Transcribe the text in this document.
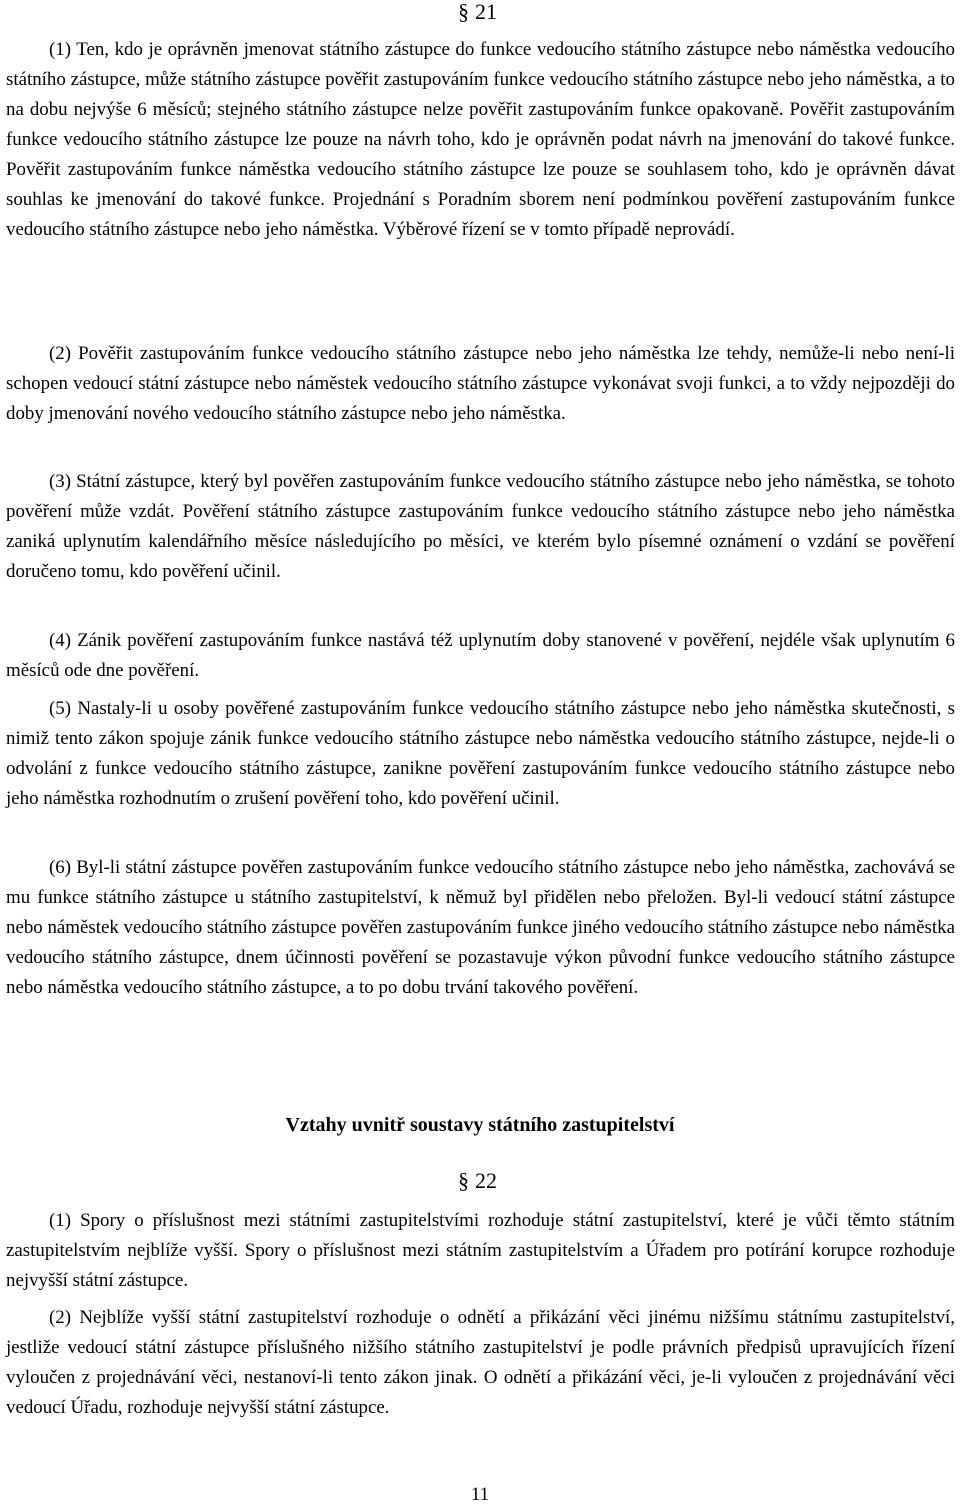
§ 21

(1) Ten, kdo je oprávněn jmenovat státního zástupce do funkce vedoucího státního zástupce nebo náměstka vedoucího státního zástupce, může státního zástupce pověřit zastupováním funkce vedoucího státního zástupce nebo jeho náměstka, a to na dobu nejvýše 6 měsíců; stejného státního zástupce nelze pověřit zastupováním funkce opakovaně. Pověřit zastupováním funkce vedoucího státního zástupce lze pouze na návrh toho, kdo je oprávněn podat návrh na jmenování do takové funkce. Pověřit zastupováním funkce náměstka vedoucího státního zástupce lze pouze se souhlasem toho, kdo je oprávněn dávat souhlas ke jmenování do takové funkce. Projednání s Poradním sborem není podmínkou pověření zastupováním funkce vedoucího státního zástupce nebo jeho náměstka. Výběrové řízení se v tomto případě neprovádí.

(2) Pověřit zastupováním funkce vedoucího státního zástupce nebo jeho náměstka lze tehdy, nemůže-li nebo není-li schopen vedoucí státní zástupce nebo náměstek vedoucího státního zástupce vykonávat svoji funkci, a to vždy nejpozději do doby jmenování nového vedoucího státního zástupce nebo jeho náměstka.

(3) Státní zástupce, který byl pověřen zastupováním funkce vedoucího státního zástupce nebo jeho náměstka, se tohoto pověření může vzdát. Pověření státního zástupce zastupováním funkce vedoucího státního zástupce nebo jeho náměstka zaniká uplynutím kalendářního měsíce následujícího po měsíci, ve kterém bylo písemné oznámení o vzdání se pověření doručeno tomu, kdo pověření učinil.

(4) Zánik pověření zastupováním funkce nastává též uplynutím doby stanovené v pověření, nejdéle však uplynutím 6 měsíců ode dne pověření.

(5) Nastaly-li u osoby pověřené zastupováním funkce vedoucího státního zástupce nebo jeho náměstka skutečnosti, s nimiž tento zákon spojuje zánik funkce vedoucího státního zástupce nebo náměstka vedoucího státního zástupce, nejde-li o odvolání z funkce vedoucího státního zástupce, zanikne pověření zastupováním funkce vedoucího státního zástupce nebo jeho náměstka rozhodnutím o zrušení pověření toho, kdo pověření učinil.

(6) Byl-li státní zástupce pověřen zastupováním funkce vedoucího státního zástupce nebo jeho náměstka, zachovává se mu funkce státního zástupce u státního zastupitelství, k němuž byl přidělen nebo přeložen. Byl-li vedoucí státní zástupce nebo náměstek vedoucího státního zástupce pověřen zastupováním funkce jiného vedoucího státního zástupce nebo náměstka vedoucího státního zástupce, dnem účinnosti pověření se pozastavuje výkon původní funkce vedoucího státního zástupce nebo náměstka vedoucího státního zástupce, a to po dobu trvání takového pověření.

Vztahy uvnitř soustavy státního zastupitelství
§ 22

(1) Spory o příslušnost mezi státními zastupitelstvími rozhoduje státní zastupitelství, které je vůči těmto státním zastupitelstvím nejblíže vyšší. Spory o příslušnost mezi státním zastupitelstvím a Úřadem pro potírání korupce rozhoduje nejvyšší státní zástupce.

(2) Nejblíže vyšší státní zastupitelství rozhoduje o odnětí a přikázání věci jinému nižšímu státnímu zastupitelství, jestliže vedoucí státní zástupce příslušného nižšího státního zastupitelství je podle právních předpisů upravujících řízení vyloučen z projednávání věci, nestanoví-li tento zákon jinak. O odnětí a přikázání věci, je-li vyloučen z projednávání věci vedoucí Úřadu, rozhoduje nejvyšší státní zástupce.

11
